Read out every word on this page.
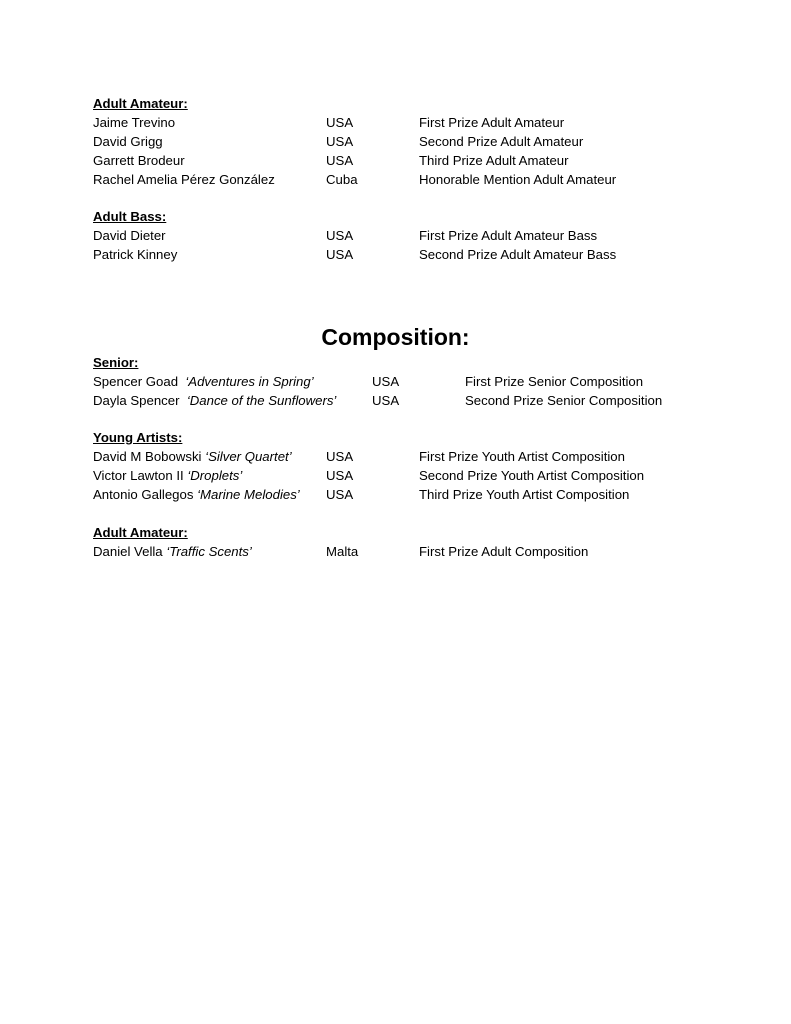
Adult Amateur:
Jaime Trevino	USA	First Prize Adult Amateur
David Grigg	USA	Second Prize Adult Amateur
Garrett Brodeur	USA	Third Prize Adult Amateur
Rachel Amelia Pérez González	Cuba	Honorable Mention Adult Amateur
Adult Bass:
David Dieter	USA	First Prize Adult Amateur Bass
Patrick Kinney	USA	Second Prize Adult Amateur Bass
Composition:
Senior:
Spencer Goad ‘Adventures in Spring’	USA	First Prize Senior Composition
Dayla Spencer ‘Dance of the Sunflowers’	USA	Second Prize Senior Composition
Young Artists:
David M Bobowski ‘Silver Quartet’	USA	First Prize Youth Artist Composition
Victor Lawton II ‘Droplets’	USA	Second Prize Youth Artist Composition
Antonio Gallegos ‘Marine Melodies’ USA	Third Prize Youth Artist Composition
Adult Amateur:
Daniel Vella ‘Traffic Scents’	Malta	First Prize Adult Composition
